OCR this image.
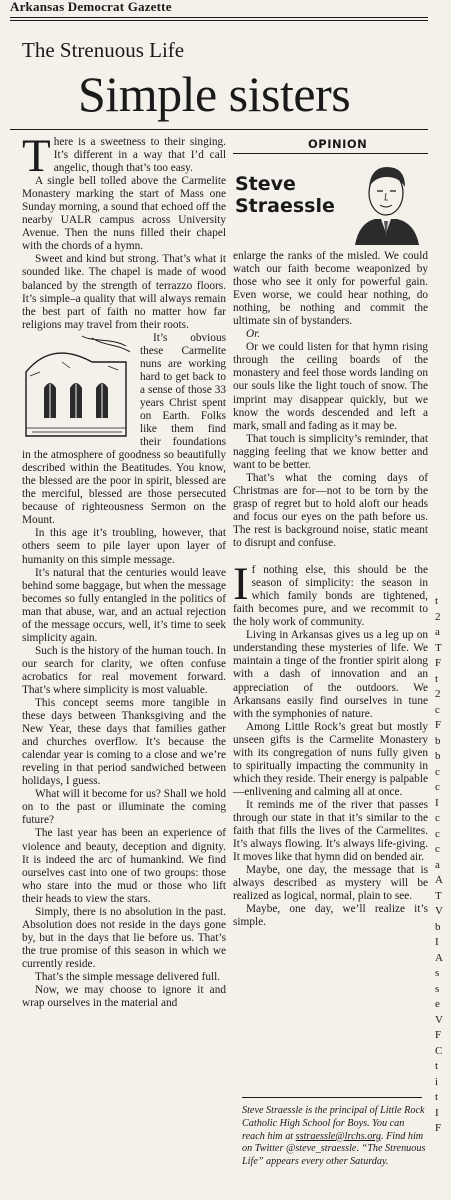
Arkansas Democrat Gazette
The Strenuous Life
Simple sisters

There is a sweetness to their singing. It’s different in a way that I’d call angelic, though that’s too easy.

A single bell tolled above the Carmelite Monastery marking the start of Mass one Sunday morning, a sound that echoed off the nearby UALR campus across University Avenue. Then the nuns filled their chapel with the chords of a hymn.

Sweet and kind but strong. That’s what it sounded like. The chapel is made of wood balanced by the strength of terrazzo floors. It’s simple–a quality that will always remain the best part of faith no matter how far religions may travel from their roots.

It’s obvious these Carmelite nuns are working hard to get back to a sense of those 33 years Christ spent on Earth. Folks like them find their foundations in the atmosphere of goodness so beautifully described within the Beatitudes. You know, the blessed are the poor in spirit, blessed are the merciful, blessed are those persecuted because of righteousness Sermon on the Mount.

In this age it’s troubling, however, that others seem to pile layer upon layer of humanity on this simple message.

It’s natural that the centuries would leave behind some baggage, but when the message becomes so fully entangled in the politics of man that abuse, war, and an actual rejection of the message occurs, well, it’s time to seek simplicity again.

Such is the history of the human touch. In our search for clarity, we often confuse acrobatics for real movement forward. That’s where simplicity is most valuable.

This concept seems more tangible in these days between Thanksgiving and the New Year, these days that families gather and churches overflow. It’s because the calendar year is coming to a close and we’re reveling in that period sandwiched between holidays, I guess.

What will it become for us? Shall we hold on to the past or illuminate the coming future?

The last year has been an experience of violence and beauty, deception and dignity. It is indeed the arc of humankind. We find ourselves cast into one of two groups: those who stare into the mud or those who lift their heads to view the stars.

Simply, there is no absolution in the past. Absolution does not reside in the days gone by, but in the days that lie before us. That’s the true promise of this season in which we currently reside.

That’s the simple message delivered full.

Now, we may choose to ignore it and wrap ourselves in the material and

OPINION
Steve
Straessle

enlarge the ranks of the misled. We could watch our faith become weaponized by those who see it only for powerful gain. Even worse, we could hear nothing, do nothing, be nothing and commit the ultimate sin of bystanders.

Or.

Or we could listen for that hymn rising through the ceiling boards of the monastery and feel those words landing on our souls like the light touch of snow. The imprint may disappear quickly, but we know the words descended and left a mark, small and fading as it may be.

That touch is simplicity’s reminder, that nagging feeling that we know better and want to be better.

That’s what the coming days of Christmas are for—not to be torn by the grasp of regret but to hold aloft our heads and focus our eyes on the path before us. The rest is background noise, static meant to disrupt and confuse.

If nothing else, this should be the season of simplicity: the season in which family bonds are tightened, faith becomes pure, and we recommit to the holy work of community.

Living in Arkansas gives us a leg up on understanding these mysteries of life. We maintain a tinge of the frontier spirit along with a dash of innovation and an appreciation of the outdoors. We Arkansans easily find ourselves in tune with the symphonies of nature.

Among Little Rock’s great but mostly unseen gifts is the Carmelite Monastery with its congregation of nuns fully given to spiritually impacting the community in which they reside. Their energy is palpable—enlivening and calming all at once.

It reminds me of the river that passes through our state in that it’s similar to the faith that fills the lives of the Carmelites. It’s always flowing. It’s always life-giving. It moves like that hymn did on bended air.

Maybe, one day, the message that is always described as mystery will be realized as logical, normal, plain to see.

Maybe, one day, we’ll realize it’s simple.

Steve Straessle is the principal of Little Rock Catholic High School for Boys. You can reach him at sstraessle@lrchs.org. Find him on Twitter @steve_straessle. “The Strenuous Life” appears every other Saturday.
t
2
a
T
F
t
2
c
F
b
b
c
c
I
c
c
c
a
A
T
V
b
I
A
s
s
e
V
F
C
t
i
t
I
F
